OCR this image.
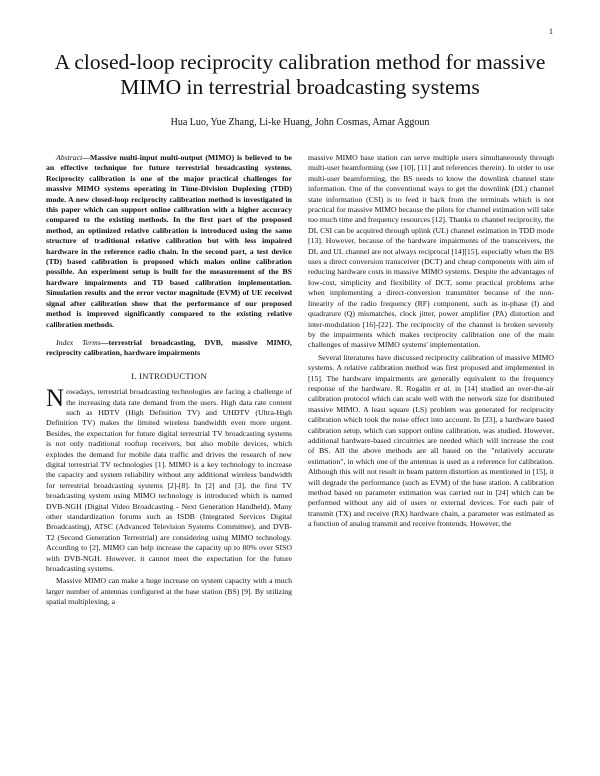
1
A closed-loop reciprocity calibration method for massive MIMO in terrestrial broadcasting systems
Hua Luo, Yue Zhang, Li-ke Huang, John Cosmas, Amar Aggoun

Abstract—Massive multi-input multi-output (MIMO) is believed to be an effective technique for future terrestrial broadcasting systems. Reciprocity calibration is one of the major practical challenges for massive MIMO systems operating in Time-Division Duplexing (TDD) mode. A new closed-loop reciprocity calibration method is investigated in this paper which can support online calibration with a higher accuracy compared to the existing methods. In the first part of the proposed method, an optimized relative calibration is introduced using the same structure of traditional relative calibration but with less impaired hardware in the reference radio chain. In the second part, a test device (TD) based calibration is proposed which makes online calibration possible. An experiment setup is built for the measurement of the BS hardware impairments and TD based calibration implementation. Simulation results and the error vector magnitude (EVM) of UE received signal after calibration show that the performance of our proposed method is improved significantly compared to the existing relative calibration methods.

Index Terms—terrestrial broadcasting, DVB, massive MIMO, reciprocity calibration, hardware impairments

I. INTRODUCTION

Nowadays, terrestrial broadcasting technologies are facing a challenge of the increasing data rate demand from the users. High data rate content such as HDTV (High Definition TV) and UHDTV (Ultra-High Definition TV) makes the limited wireless bandwidth even more urgent. Besides, the expectation for future digital terrestrial TV broadcasting systems is not only traditional rooftop receivers, but also mobile devices, which explodes the demand for mobile data traffic and drives the research of new digital terrestrial TV technologies [1]. MIMO is a key technology to increase the capacity and system reliability without any additional wireless bandwidth for terrestrial broadcasting systems [2]-[8]. In [2] and [3], the first TV broadcasting system using MIMO technology is introduced which is named DVB-NGH (Digital Video Broadcasting - Next Generation Handheld). Many other standardization forums such as ISDB (Integrated Services Digital Broadcasting), ATSC (Advanced Television Systems Committee), and DVB-T2 (Second Generation Terrestrial) are considering using MIMO technology. According to [2], MIMO can help increase the capacity up to 80% over SISO with DVB-NGH. However, it cannot meet the expectation for the future broadcasting systems.

Massive MIMO can make a huge increase on system capacity with a much larger number of antennas configured at the base station (BS) [9]. By utilizing spatial multiplexing, a

massive MIMO base station can serve multiple users simultaneously through multi-user beamforming (see [10], [11] and references therein). In order to use multi-user beamforming, the BS needs to know the downlink channel state information. One of the conventional ways to get the downlink (DL) channel state information (CSI) is to feed it back from the terminals which is not practical for massive MIMO because the pilots for channel estimation will take too much time and frequency resources [12]. Thanks to channel reciprocity, the DL CSI can be acquired through uplink (UL) channel estimation in TDD mode [13]. However, because of the hardware impairments of the transceivers, the DL and UL channel are not always reciprocal [14][15], especially when the BS uses a direct conversion transceiver (DCT) and cheap components with aim of reducing hardware costs in massive MIMO systems. Despite the advantages of low-cost, simplicity and flexibility of DCT, some practical problems arise when implementing a direct-conversion transmitter because of the non-linearity of the radio frequency (RF) component, such as in-phase (I) and quadrature (Q) mismatches, clock jitter, power amplifier (PA) distortion and inter-modulation [16]-[22]. The reciprocity of the channel is broken severely by the impairments which makes reciprocity calibration one of the main challenges of massive MIMO systems' implementation.

Several literatures have discussed reciprocity calibration of massive MIMO systems. A relative calibration method was first proposed and implemented in [15]. The hardware impairments are generally equivalent to the frequency response of the hardware. R. Rogalin et al. in [14] studied an over-the-air calibration protocol which can scale well with the network size for distributed massive MIMO. A least square (LS) problem was generated for reciprocity calibration which took the noise effect into account. In [23], a hardware based calibration setup, which can support online calibration, was studied. However, additional hardware-based circuitries are needed which will increase the cost of BS. All the above methods are all based on the "relatively accurate estimation", in which one of the antennas is used as a reference for calibration. Although this will not result in beam pattern distortion as mentioned in [15], it will degrade the performance (such as EVM) of the base station. A calibration method based on parameter estimation was carried out in [24] which can be performed without any aid of users or external devices. For each pair of transmit (TX) and receive (RX) hardware chain, a parameter was estimated as a function of analog transmit and receive frontends. However, the
